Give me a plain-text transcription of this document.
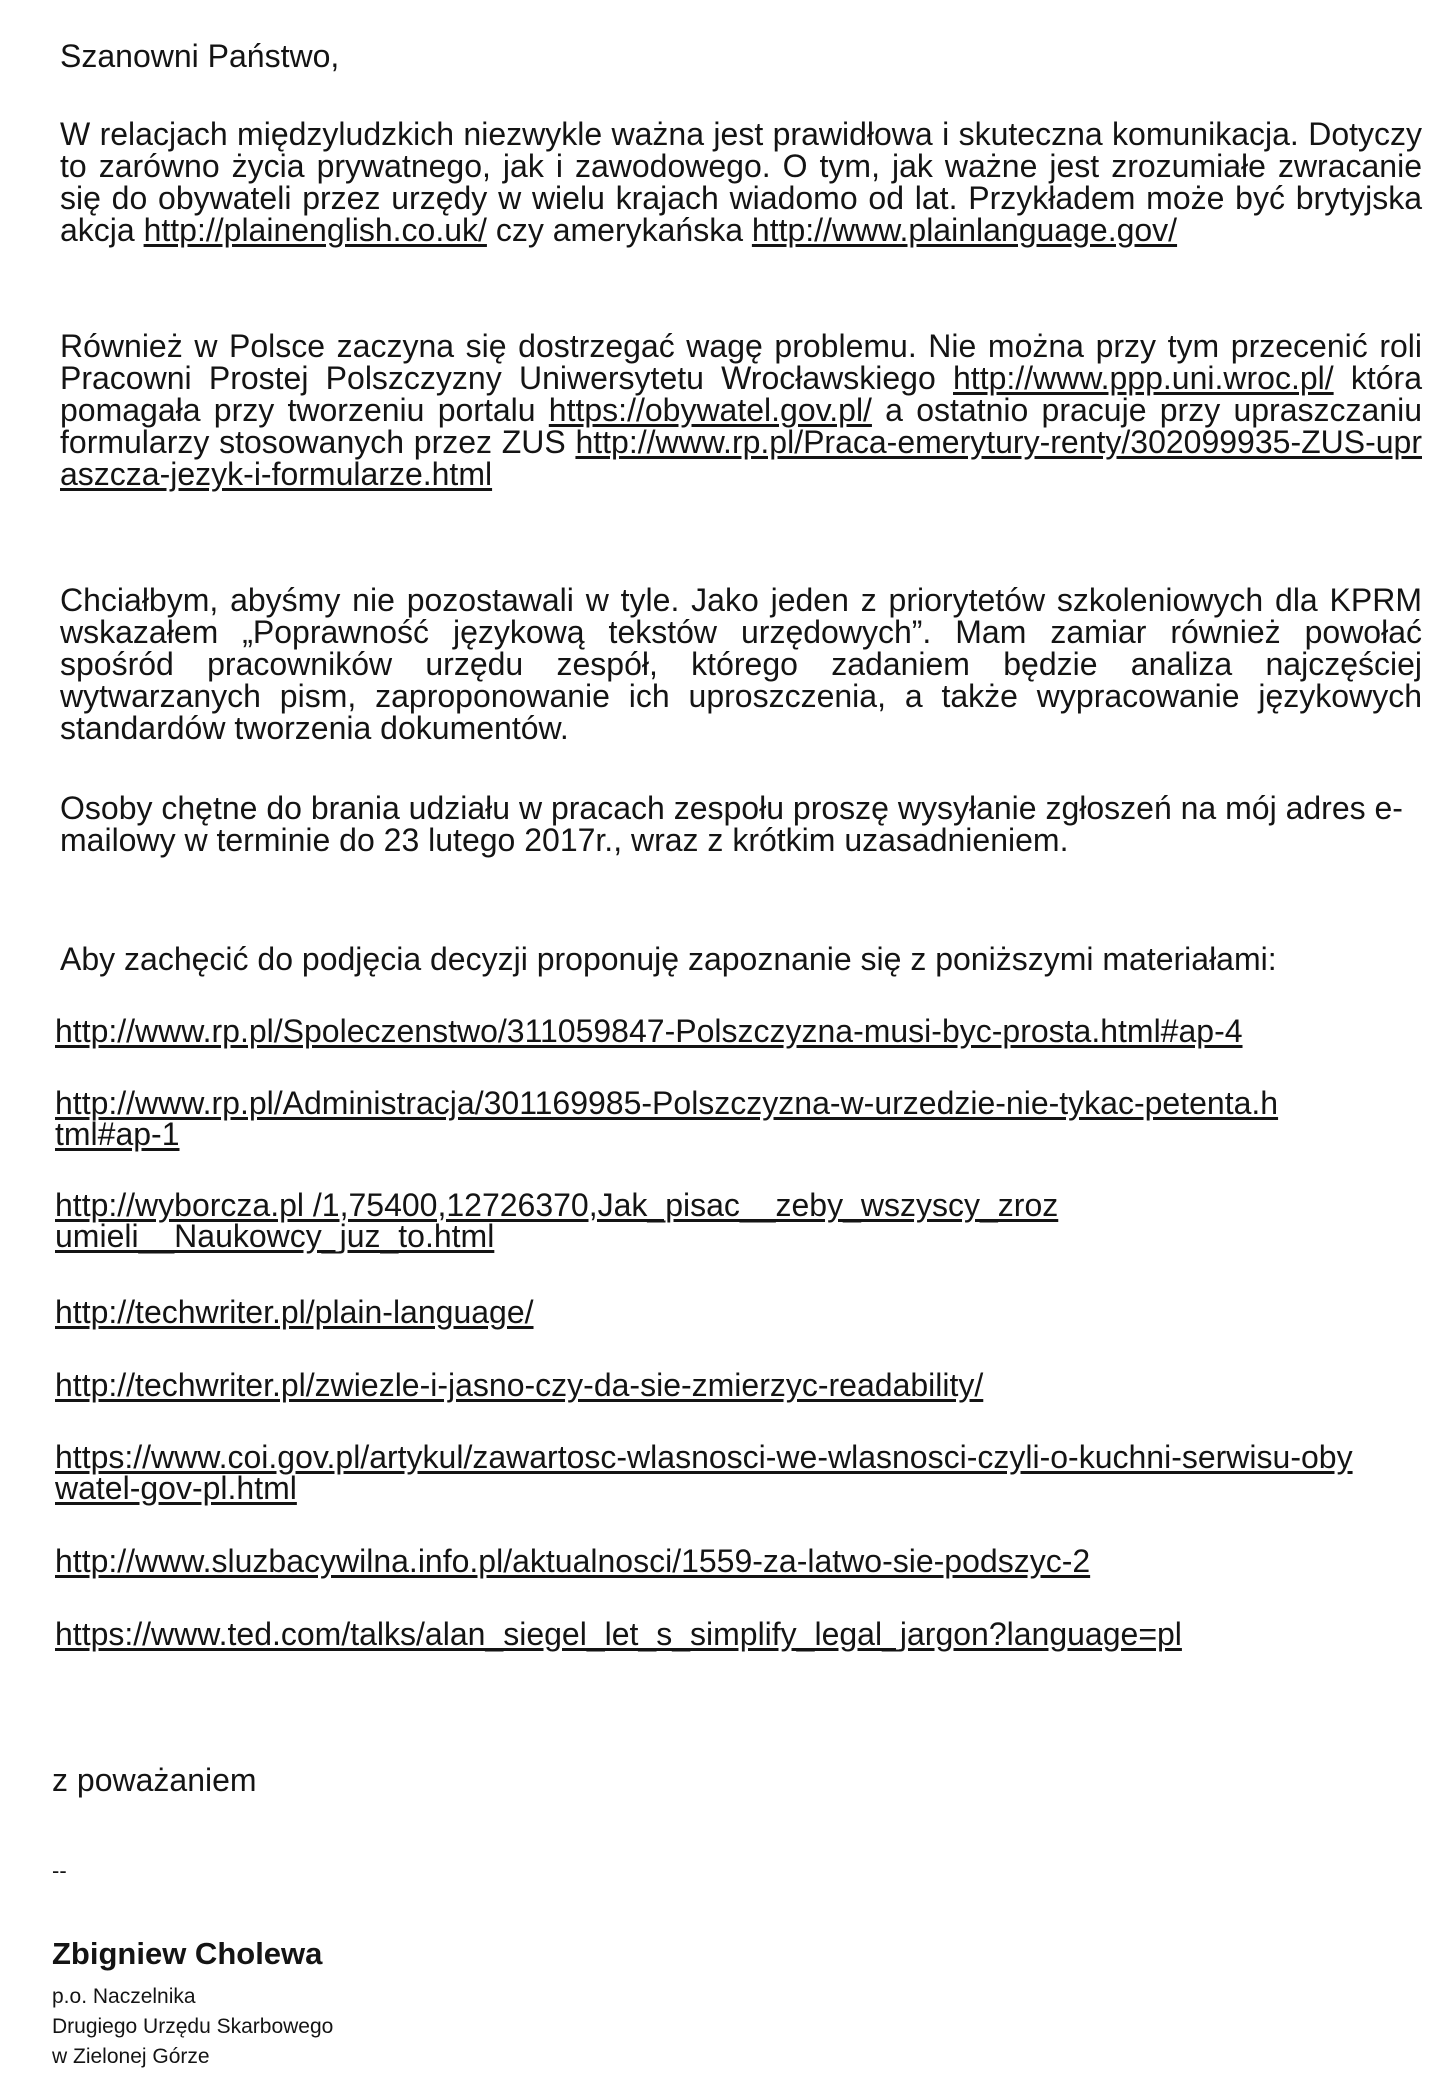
Szanowni Państwo,

W relacjach międzyludzkich niezwykle ważna jest prawidłowa i skuteczna komunikacja. Dotyczy to zarówno życia prywatnego, jak i zawodowego. O tym, jak ważne jest zrozumiałe zwracanie się do obywateli przez urzędy w wielu krajach wiadomo od lat. Przykładem może być brytyjska akcja http://plainenglish.co.uk/ czy amerykańska http://www.plainlanguage.gov/

Również w Polsce zaczyna się dostrzegać wagę problemu. Nie można przy tym przecenić roli Pracowni Prostej Polszczyzny Uniwersytetu Wrocławskiego http://www.ppp.uni.wroc.pl/ która pomagała przy tworzeniu portalu https://obywatel.gov.pl/ a ostatnio pracuje przy upraszczaniu formularzy stosowanych przez ZUS http://www.rp.pl/Praca-emerytury-renty/302099935-ZUS-upraszcza-jezyk-i-formularze.html

Chciałbym, abyśmy nie pozostawali w tyle. Jako jeden z priorytetów szkoleniowych dla KPRM wskazałem „Poprawność językową tekstów urzędowych”. Mam zamiar również powołać spośród pracowników urzędu zespół, którego zadaniem będzie analiza najczęściej wytwarzanych pism, zaproponowanie ich uproszczenia, a także wypracowanie językowych standardów tworzenia dokumentów.

Osoby chętne do brania udziału w pracach zespołu proszę wysyłanie zgłoszeń na mój adres e-mailowy w terminie do 23 lutego 2017r., wraz z krótkim uzasadnieniem.

Aby zachęcić do podjęcia decyzji proponuję zapoznanie się z poniższymi materiałami:

http://www.rp.pl/Spoleczenstwo/311059847-Polszczyzna-musi-byc-prosta.html#ap-4

http://www.rp.pl/Administracja/301169985-Polszczyzna-w-urzedzie-nie-tykac-petenta.html#ap-1

http://wyborcza.pl /1,75400,12726370,Jak_pisac__zeby_wszyscy_zrozumieli__Naukowcy_juz_to.html

http://techwriter.pl/plain-language/

http://techwriter.pl/zwiezle-i-jasno-czy-da-sie-zmierzyc-readability/

https://www.coi.gov.pl/artykul/zawartosc-wlasnosci-we-wlasnosci-czyli-o-kuchni-serwisu-obywatel-gov-pl.html

http://www.sluzbacywilna.info.pl/aktualnosci/1559-za-latwo-sie-podszyc-2

https://www.ted.com/talks/alan_siegel_let_s_simplify_legal_jargon?language=pl

z poważaniem

--

Zbigniew Cholewa

p.o. Naczelnika

Drugiego Urzędu Skarbowego

w Zielonej Górze
